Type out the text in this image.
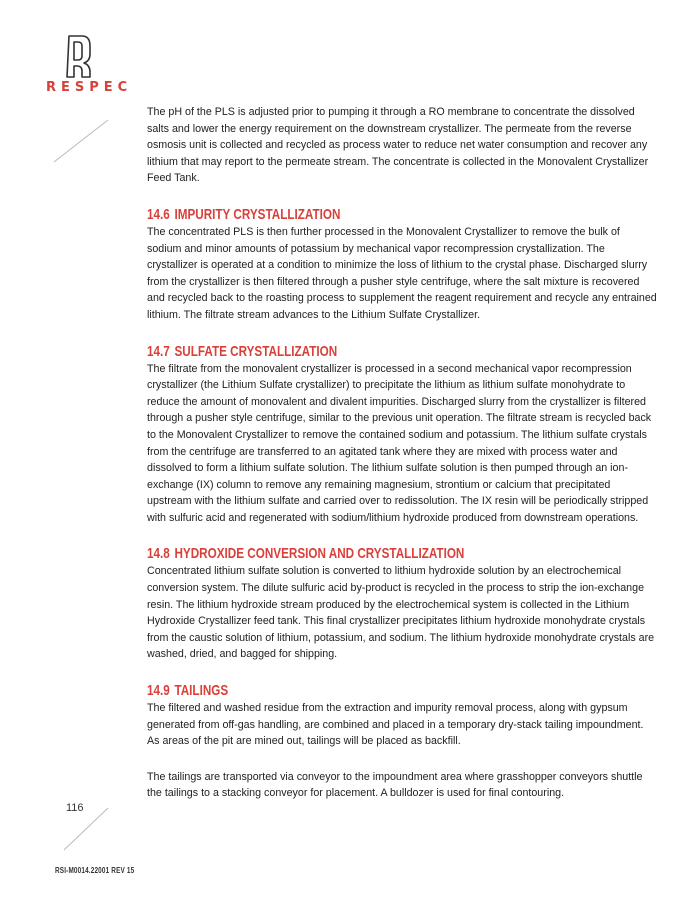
RESPEC

The pH of the PLS is adjusted prior to pumping it through a RO membrane to concentrate the dissolved salts and lower the energy requirement on the downstream crystallizer. The permeate from the reverse osmosis unit is collected and recycled as process water to reduce net water consumption and recover any lithium that may report to the permeate stream. The concentrate is collected in the Monovalent Crystallizer Feed Tank.

14.6 IMPURITY CRYSTALLIZATION

The concentrated PLS is then further processed in the Monovalent Crystallizer to remove the bulk of sodium and minor amounts of potassium by mechanical vapor recompression crystallization. The crystallizer is operated at a condition to minimize the loss of lithium to the crystal phase. Discharged slurry from the crystallizer is then filtered through a pusher style centrifuge, where the salt mixture is recovered and recycled back to the roasting process to supplement the reagent requirement and recycle any entrained lithium. The filtrate stream advances to the Lithium Sulfate Crystallizer.

14.7 SULFATE CRYSTALLIZATION

The filtrate from the monovalent crystallizer is processed in a second mechanical vapor recompression crystallizer (the Lithium Sulfate crystallizer) to precipitate the lithium as lithium sulfate monohydrate to reduce the amount of monovalent and divalent impurities. Discharged slurry from the crystallizer is filtered through a pusher style centrifuge, similar to the previous unit operation. The filtrate stream is recycled back to the Monovalent Crystallizer to remove the contained sodium and potassium. The lithium sulfate crystals from the centrifuge are transferred to an agitated tank where they are mixed with process water and dissolved to form a lithium sulfate solution. The lithium sulfate solution is then pumped through an ion-exchange (IX) column to remove any remaining magnesium, strontium or calcium that precipitated upstream with the lithium sulfate and carried over to redissolution. The IX resin will be periodically stripped with sulfuric acid and regenerated with sodium/lithium hydroxide produced from downstream operations.

14.8 HYDROXIDE CONVERSION AND CRYSTALLIZATION

Concentrated lithium sulfate solution is converted to lithium hydroxide solution by an electrochemical conversion system. The dilute sulfuric acid by-product is recycled in the process to strip the ion-exchange resin. The lithium hydroxide stream produced by the electrochemical system is collected in the Lithium Hydroxide Crystallizer feed tank. This final crystallizer precipitates lithium hydroxide monohydrate crystals from the caustic solution of lithium, potassium, and sodium. The lithium hydroxide monohydrate crystals are washed, dried, and bagged for shipping.

14.9 TAILINGS

The filtered and washed residue from the extraction and impurity removal process, along with gypsum generated from off-gas handling, are combined and placed in a temporary dry-stack tailing impoundment. As areas of the pit are mined out, tailings will be placed as backfill.

The tailings are transported via conveyor to the impoundment area where grasshopper conveyors shuttle the tailings to a stacking conveyor for placement. A bulldozer is used for final contouring.

116
RSI-M0014.22001 REV 15
